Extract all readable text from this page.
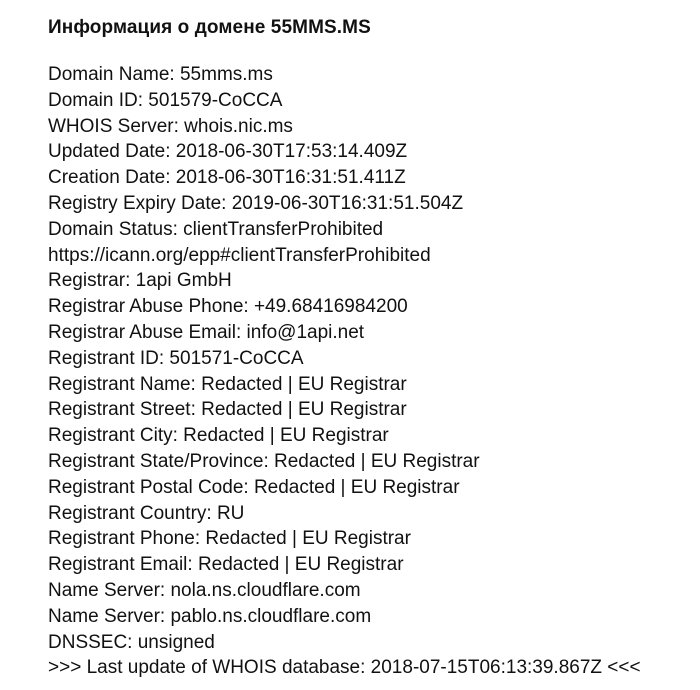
Информация о домене 55MMS.MS
Domain Name: 55mms.ms
Domain ID: 501579-CoCCA
WHOIS Server: whois.nic.ms
Updated Date: 2018-06-30T17:53:14.409Z
Creation Date: 2018-06-30T16:31:51.411Z
Registry Expiry Date: 2019-06-30T16:31:51.504Z
Domain Status: clientTransferProhibited https://icann.org/epp#clientTransferProhibited
Registrar: 1api GmbH
Registrar Abuse Phone: +49.68416984200
Registrar Abuse Email: info@1api.net
Registrant ID: 501571-CoCCA
Registrant Name: Redacted | EU Registrar
Registrant Street: Redacted | EU Registrar
Registrant City: Redacted | EU Registrar
Registrant State/Province: Redacted | EU Registrar
Registrant Postal Code: Redacted | EU Registrar
Registrant Country: RU
Registrant Phone: Redacted | EU Registrar
Registrant Email: Redacted | EU Registrar
Name Server: nola.ns.cloudflare.com
Name Server: pablo.ns.cloudflare.com
DNSSEC: unsigned
>>> Last update of WHOIS database: 2018-07-15T06:13:39.867Z <<<
